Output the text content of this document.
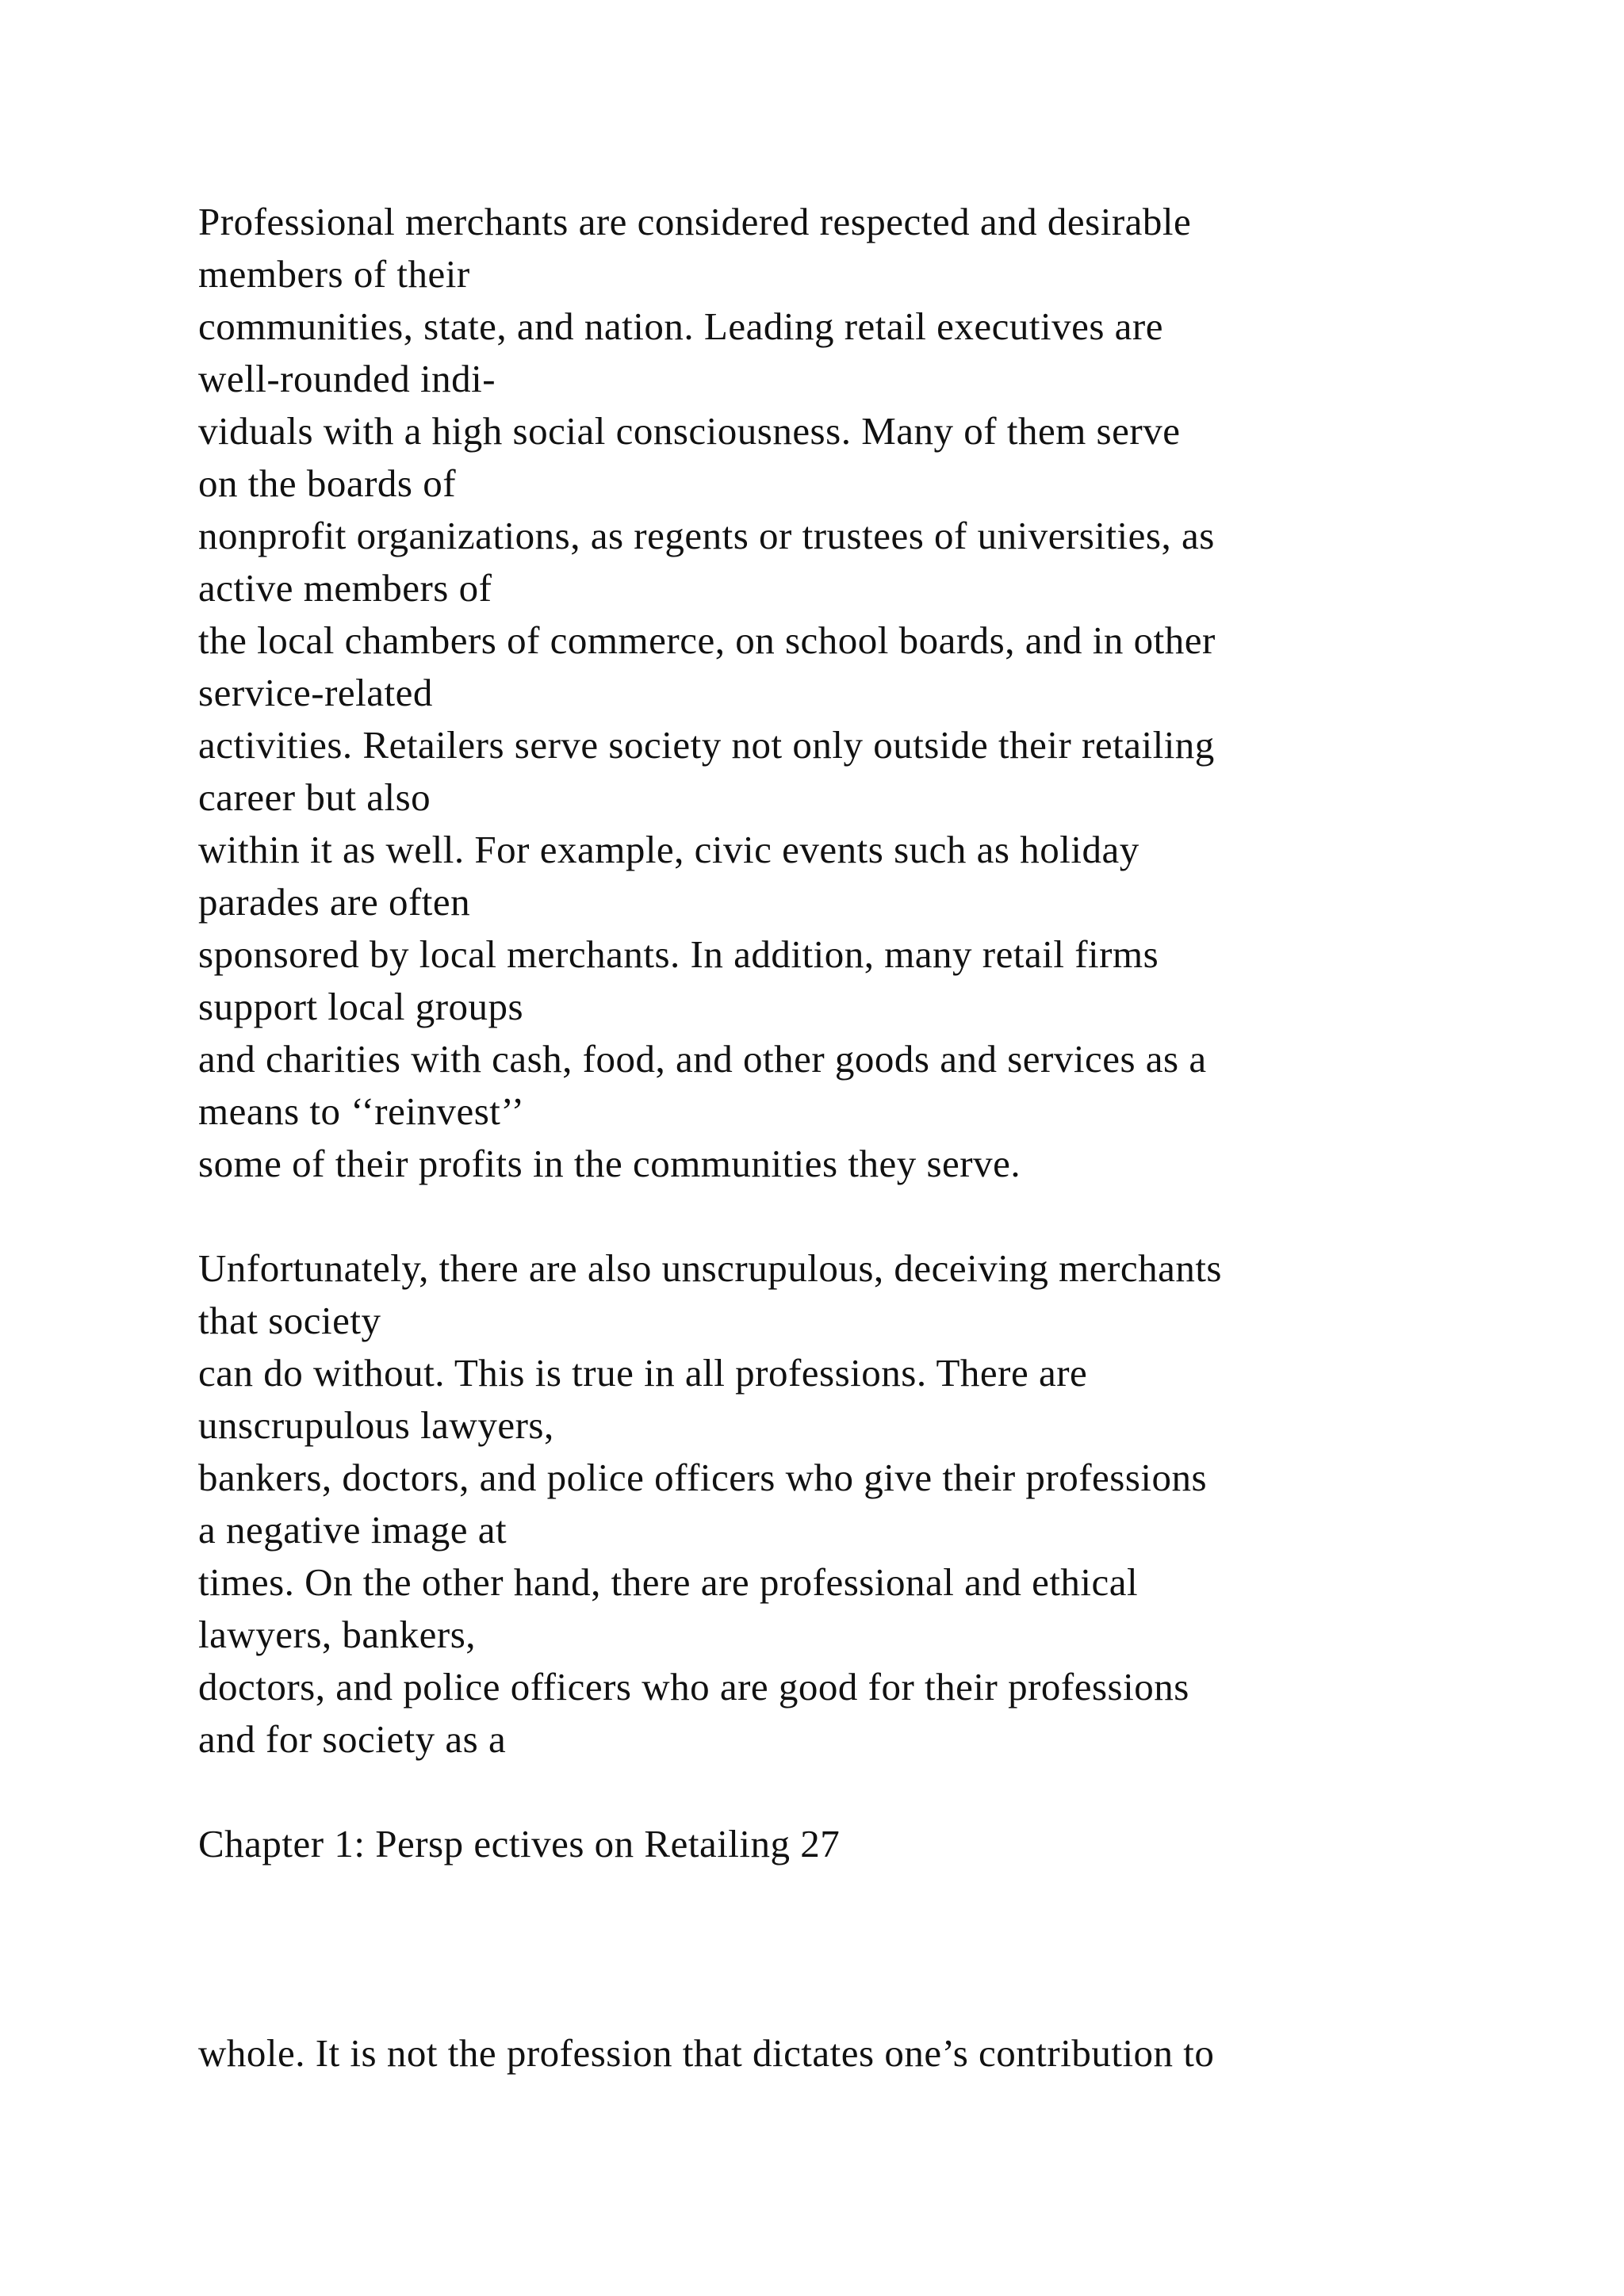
Professional merchants are considered respected and desirable
members of their
communities, state, and nation. Leading retail executives are
well-rounded indi-
viduals with a high social consciousness. Many of them serve
on the boards of
nonprofit organizations, as regents or trustees of universities, as
active members of
the local chambers of commerce, on school boards, and in other
service-related
activities. Retailers serve society not only outside their retailing
career but also
within it as well. For example, civic events such as holiday
parades are often
sponsored by local merchants. In addition, many retail firms
support local groups
and charities with cash, food, and other goods and services as a
means to ‘‘reinvest’’
some of their profits in the communities they serve.
Unfortunately, there are also unscrupulous, deceiving merchants
that society
can do without. This is true in all professions. There are
unscrupulous lawyers,
bankers, doctors, and police officers who give their professions
a negative image at
times. On the other hand, there are professional and ethical
lawyers, bankers,
doctors, and police officers who are good for their professions
and for society as a
Chapter 1: Persp ectives on Retailing 27
whole. It is not the profession that dictates one’s contribution to
